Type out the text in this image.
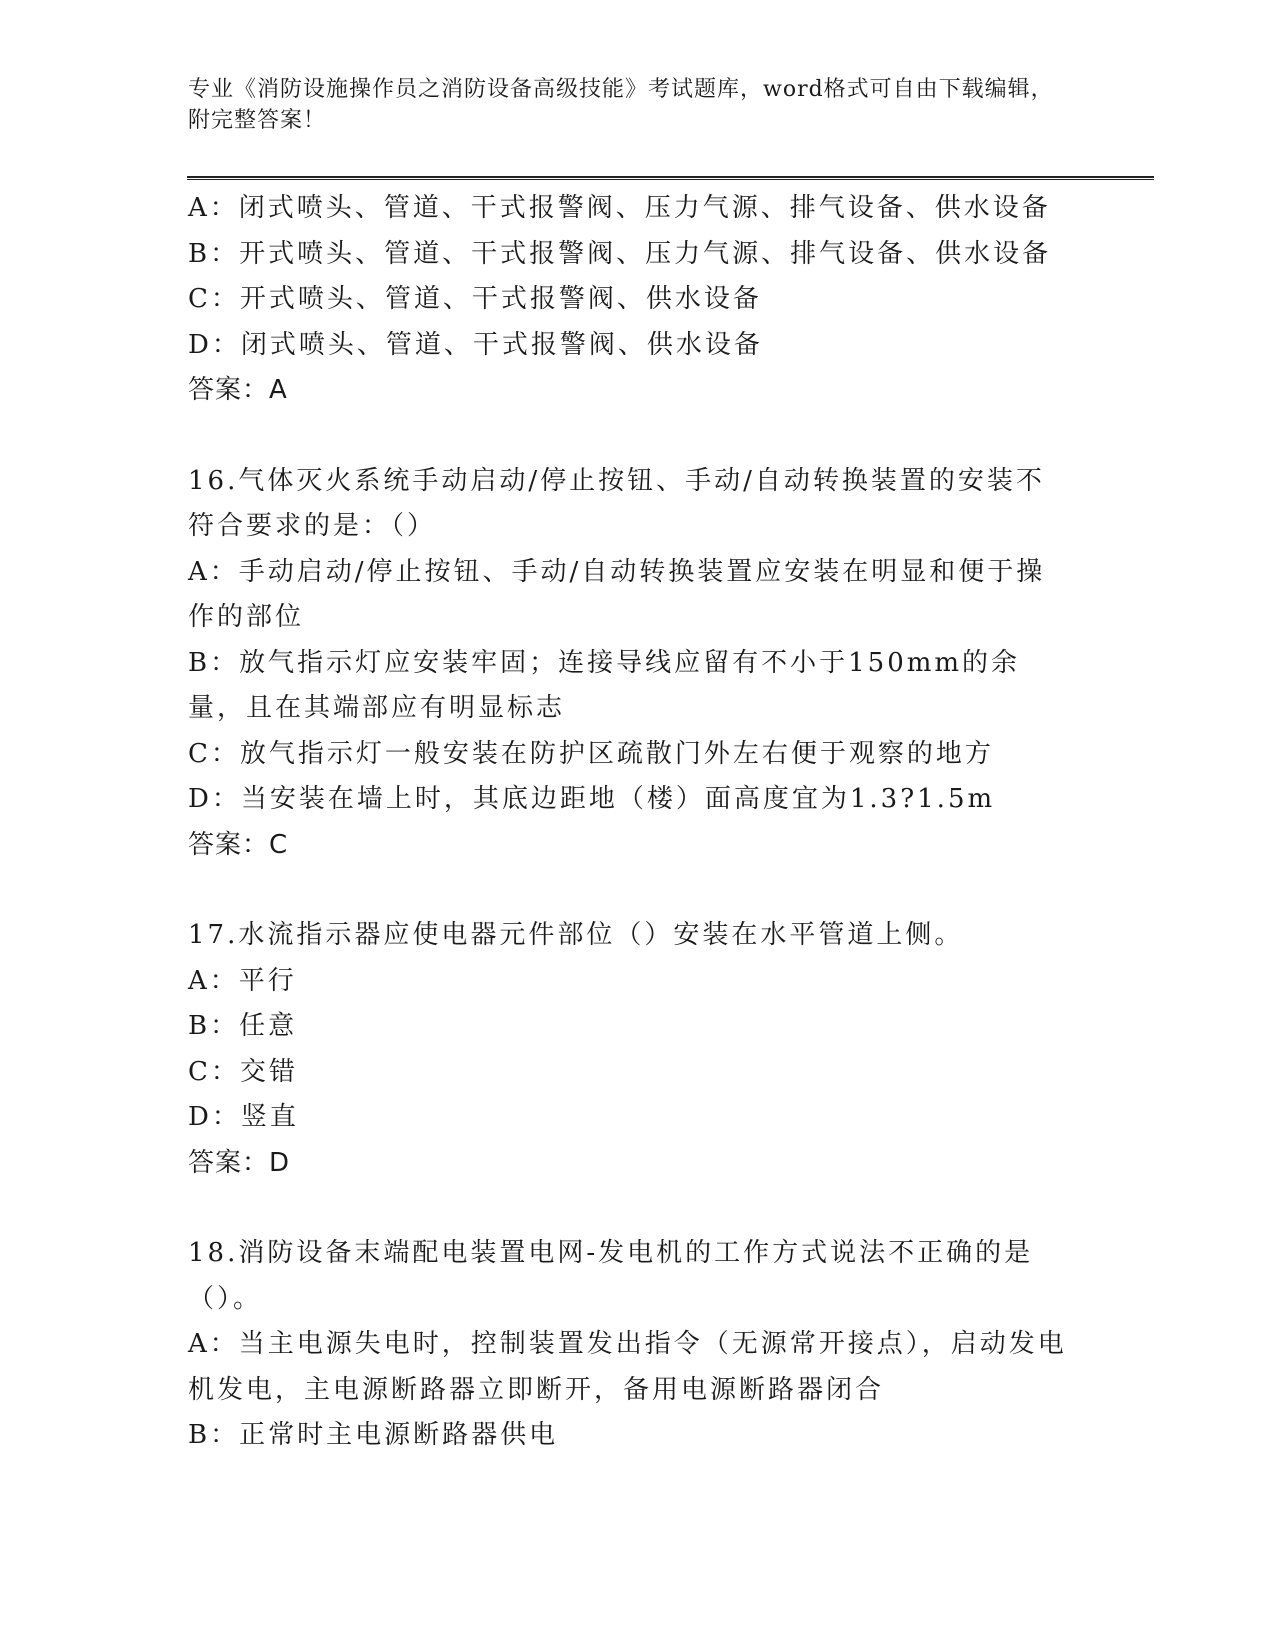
专业《消防设施操作员之消防设备高级技能》考试题库，word格式可自由下载编辑，附完整答案！
A：闭式喷头、管道、干式报警阀、压力气源、排气设备、供水设备
B：开式喷头、管道、干式报警阀、压力气源、排气设备、供水设备
C：开式喷头、管道、干式报警阀、供水设备
D：闭式喷头、管道、干式报警阀、供水设备
答案：A
16.气体灭火系统手动启动/停止按钮、手动/自动转换装置的安装不符合要求的是：（）
A：手动启动/停止按钮、手动/自动转换装置应安装在明显和便于操作的部位
B：放气指示灯应安装牢固；连接导线应留有不小于150mm的余量，且在其端部应有明显标志
C：放气指示灯一般安装在防护区疏散门外左右便于观察的地方
D：当安装在墙上时，其底边距地（楼）面高度宜为1.3?1.5m
答案：C
17.水流指示器应使电器元件部位（）安装在水平管道上侧。
A：平行
B：任意
C：交错
D：竖直
答案：D
18.消防设备末端配电装置电网-发电机的工作方式说法不正确的是（）。
A：当主电源失电时，控制装置发出指令（无源常开接点），启动发电机发电，主电源断路器立即断开，备用电源断路器闭合
B：正常时主电源断路器供电
